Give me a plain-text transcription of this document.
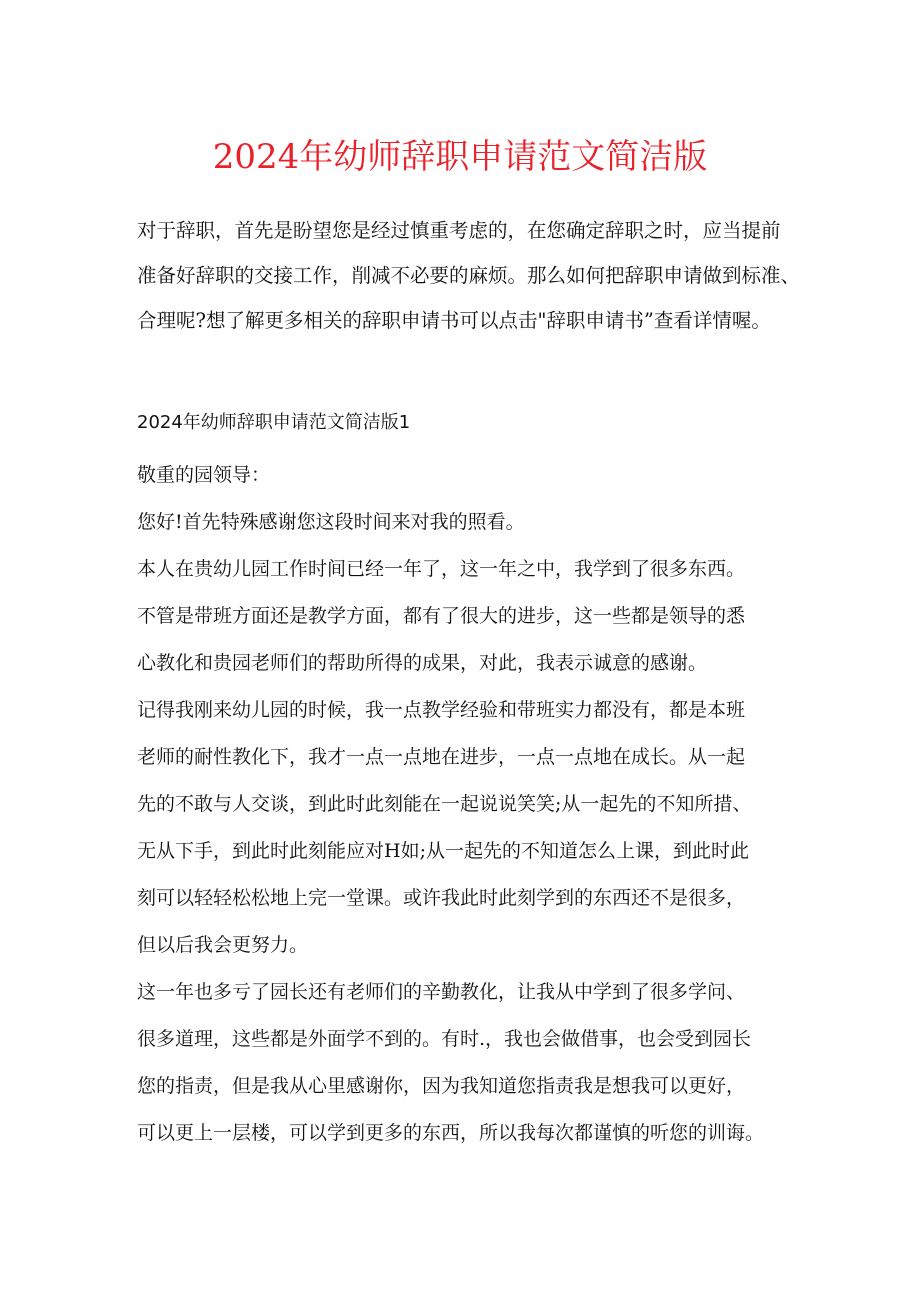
2024年幼师辞职申请范文简洁版
对于辞职，首先是盼望您是经过慎重考虑的，在您确定辞职之时，应当提前
准备好辞职的交接工作，削减不必要的麻烦。那么如何把辞职申请做到标准、
合理呢?想了解更多相关的辞职申请书可以点击"辞职申请书”查看详情喔。
2024年幼师辞职申请范文简洁版1
敬重的园领导：
您好!首先特殊感谢您这段时间来对我的照看。
本人在贵幼儿园工作时间已经一年了，这一年之中，我学到了很多东西。
不管是带班方面还是教学方面，都有了很大的进步，这一些都是领导的悉
心教化和贵园老师们的帮助所得的成果，对此，我表示诚意的感谢。
记得我刚来幼儿园的时候，我一点教学经验和带班实力都没有，都是本班
老师的耐性教化下，我才一点一点地在进步，一点一点地在成长。从一起
先的不敢与人交谈，到此时此刻能在一起说说笑笑;从一起先的不知所措、
无从下手，到此时此刻能应对H如;从一起先的不知道怎么上课，到此时此
刻可以轻轻松松地上完一堂课。或许我此时此刻学到的东西还不是很多，
但以后我会更努力。
这一年也多亏了园长还有老师们的辛勤教化，让我从中学到了很多学问、
很多道理，这些都是外面学不到的。有时.，我也会做借事，也会受到园长
您的指责，但是我从心里感谢你，因为我知道您指责我是想我可以更好，
可以更上一层楼，可以学到更多的东西，所以我每次都谨慎的听您的训诲。
